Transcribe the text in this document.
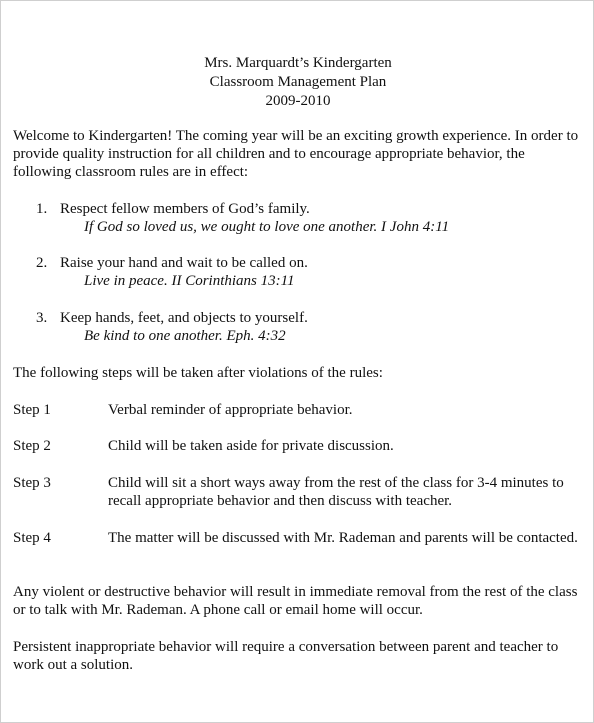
Mrs. Marquardt’s Kindergarten
Classroom Management Plan
2009-2010
Welcome to Kindergarten! The coming year will be an exciting growth experience. In order to provide quality instruction for all children and to encourage appropriate behavior, the following classroom rules are in effect:
1. Respect fellow members of God’s family.
If God so loved us, we ought to love one another. I John 4:11
2. Raise your hand and wait to be called on.
Live in peace. II Corinthians 13:11
3. Keep hands, feet, and objects to yourself.
Be kind to one another. Eph. 4:32
The following steps will be taken after violations of the rules:
Step 1	Verbal reminder of appropriate behavior.
Step 2	Child will be taken aside for private discussion.
Step 3	Child will sit a short ways away from the rest of the class for 3-4 minutes to recall appropriate behavior and then discuss with teacher.
Step 4	The matter will be discussed with Mr. Rademan and parents will be contacted.
Any violent or destructive behavior will result in immediate removal from the rest of the class or to talk with Mr. Rademan. A phone call or email home will occur.
Persistent inappropriate behavior will require a conversation between parent and teacher to work out a solution.
